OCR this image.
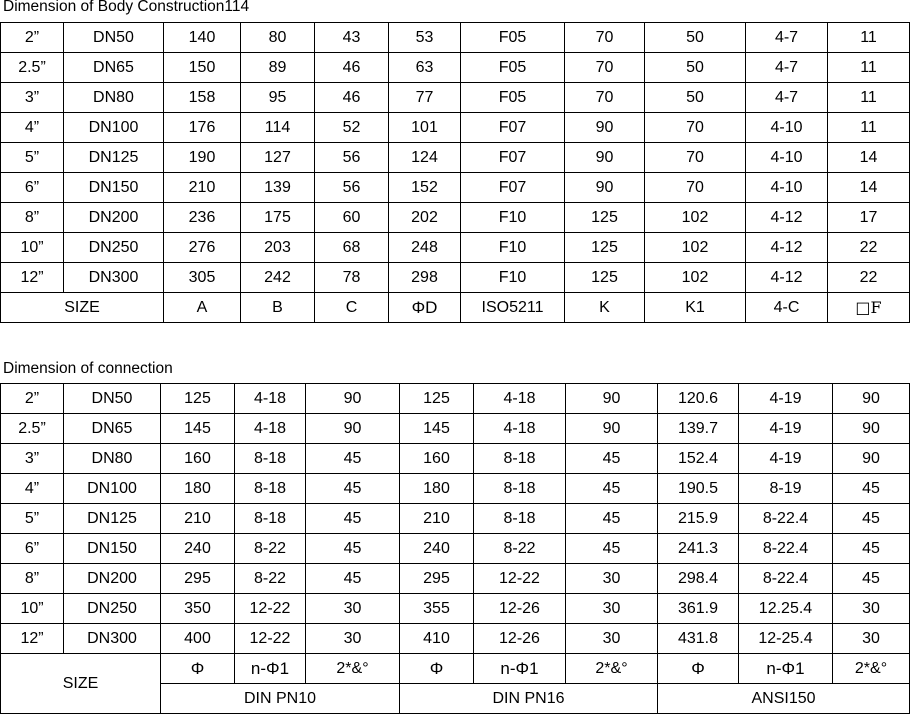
Dimension of Body Construction114
2”	DN50	140	80	43	53	F05	70	50	4-7	11
2.5”	DN65	150	89	46	63	F05	70	50	4-7	11
3”	DN80	158	95	46	77	F05	70	50	4-7	11
4”	DN100	176	114	52	101	F07	90	70	4-10	11
5”	DN125	190	127	56	124	F07	90	70	4-10	14
6”	DN150	210	139	56	152	F07	90	70	4-10	14
8”	DN200	236	175	60	202	F10	125	102	4-12	17
10”	DN250	276	203	68	248	F10	125	102	4-12	22
12”	DN300	305	242	78	298	F10	125	102	4-12	22
SIZE		A	B	C	ΦD	ISO5211	K	K1	4-C	□F
Dimension of connection
2”	DN50	125	4-18	90	125	4-18	90	120.6	4-19	90
2.5”	DN65	145	4-18	90	145	4-18	90	139.7	4-19	90
3”	DN80	160	8-18	45	160	8-18	45	152.4	4-19	90
4”	DN100	180	8-18	45	180	8-18	45	190.5	8-19	45
5”	DN125	210	8-18	45	210	8-18	45	215.9	8-22.4	45
6”	DN150	240	8-22	45	240	8-22	45	241.3	8-22.4	45
8”	DN200	295	8-22	45	295	12-22	30	298.4	8-22.4	45
10”	DN250	350	12-22	30	355	12-26	30	361.9	12.25.4	30
12”	DN300	400	12-22	30	410	12-26	30	431.8	12-25.4	30
SIZE		Φ	n-Φ1	2*&°	Φ	n-Φ1	2*&°	Φ	n-Φ1	2*&°
		DIN PN10			DIN PN16			ANSI150		
